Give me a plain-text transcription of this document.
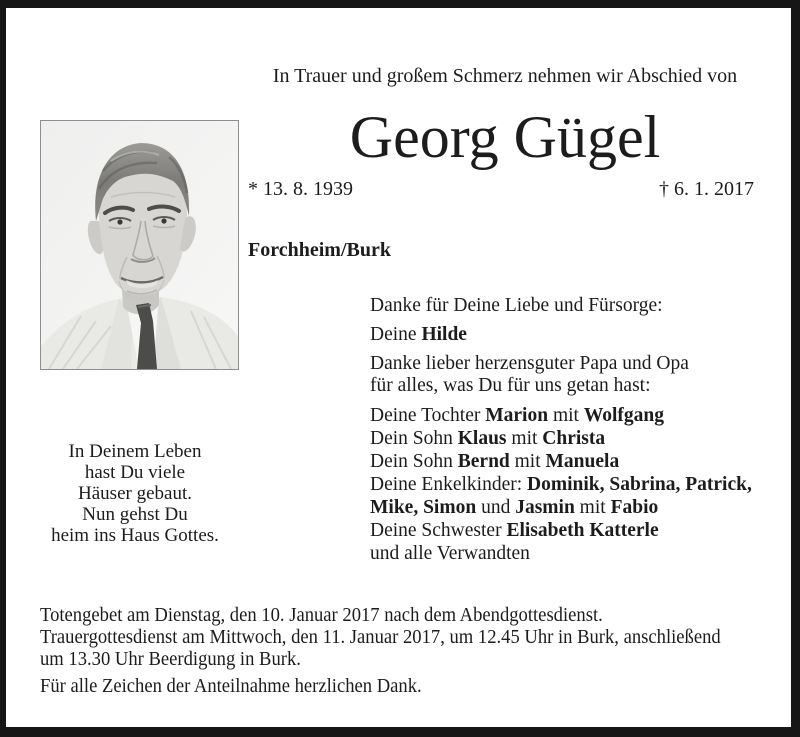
In Trauer und großem Schmerz nehmen wir Abschied von
Georg Gügel
* 13. 8. 1939	† 6. 1. 2017
Forchheim/Burk

Danke für Deine Liebe und Fürsorge:

Deine Hilde

Danke lieber herzensguter Papa und Opa
für alles, was Du für uns getan hast:

Deine Tochter Marion mit Wolfgang
Dein Sohn Klaus mit Christa
Dein Sohn Bernd mit Manuela
Deine Enkelkinder: Dominik, Sabrina, Patrick,
Mike, Simon und Jasmin mit Fabio
Deine Schwester Elisabeth Katterle
und alle Verwandten
In Deinem Leben
hast Du viele
Häuser gebaut.
Nun gehst Du
heim ins Haus Gottes.
Totengebet am Dienstag, den 10. Januar 2017 nach dem Abendgottesdienst.
Trauergottesdienst am Mittwoch, den 11. Januar 2017, um 12.45 Uhr in Burk, anschließend
um 13.30 Uhr Beerdigung in Burk.
Für alle Zeichen der Anteilnahme herzlichen Dank.
